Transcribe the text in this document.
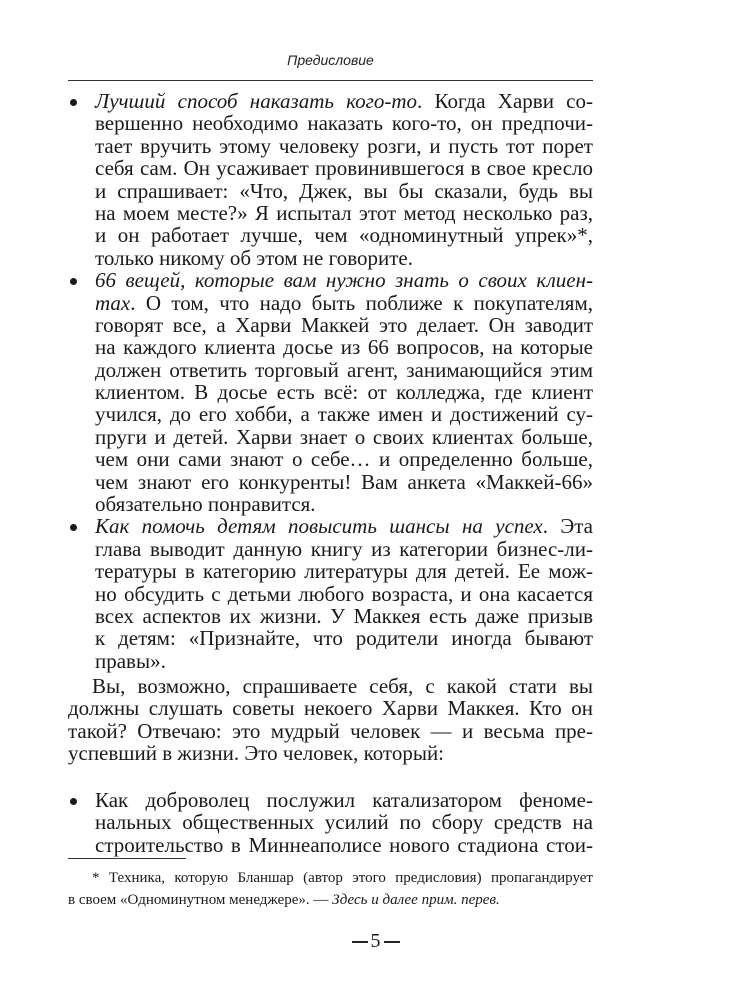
Предисловие
Лучший способ наказать кого-то. Когда Харви со-
вершенно необходимо наказать кого-то, он предпочи-
тает вручить этому человеку розги, и пусть тот порет
себя сам. Он усаживает провинившегося в свое кресло
и спрашивает: «Что, Джек, вы бы сказали, будь вы
на моем месте?» Я испытал этот метод несколько раз,
и он работает лучше, чем «одноминутный упрек»*,
только никому об этом не говорите.
66 вещей, которые вам нужно знать о своих клиен-
тах. О том, что надо быть поближе к покупателям,
говорят все, а Харви Маккей это делает. Он заводит
на каждого клиента досье из 66 вопросов, на которые
должен ответить торговый агент, занимающийся этим
клиентом. В досье есть всё: от колледжа, где клиент
учился, до его хобби, а также имен и достижений су-
пруги и детей. Харви знает о своих клиентах больше,
чем они сами знают о себе… и определенно больше,
чем знают его конкуренты! Вам анкета «Маккей-66»
обязательно понравится.
Как помочь детям повысить шансы на успех. Эта
глава выводит данную книгу из категории бизнес-ли-
тературы в категорию литературы для детей. Ее мож-
но обсудить с детьми любого возраста, и она касается
всех аспектов их жизни. У Маккея есть даже призыв
к детям: «Признайте, что родители иногда бывают
правы».
Вы, возможно, спрашиваете себя, с какой стати вы
должны слушать советы некоего Харви Маккея. Кто он
такой? Отвечаю: это мудрый человек — и весьма пре-
успевший в жизни. Это человек, который:
Как доброволец послужил катализатором феноме-
нальных общественных усилий по сбору средств на
строительство в Миннеаполисе нового стадиона стои-
* Техника, которую Бланшар (автор этого предисловия) пропагандирует
в своем «Одноминутном менеджере». — Здесь и далее прим. перев.
5
